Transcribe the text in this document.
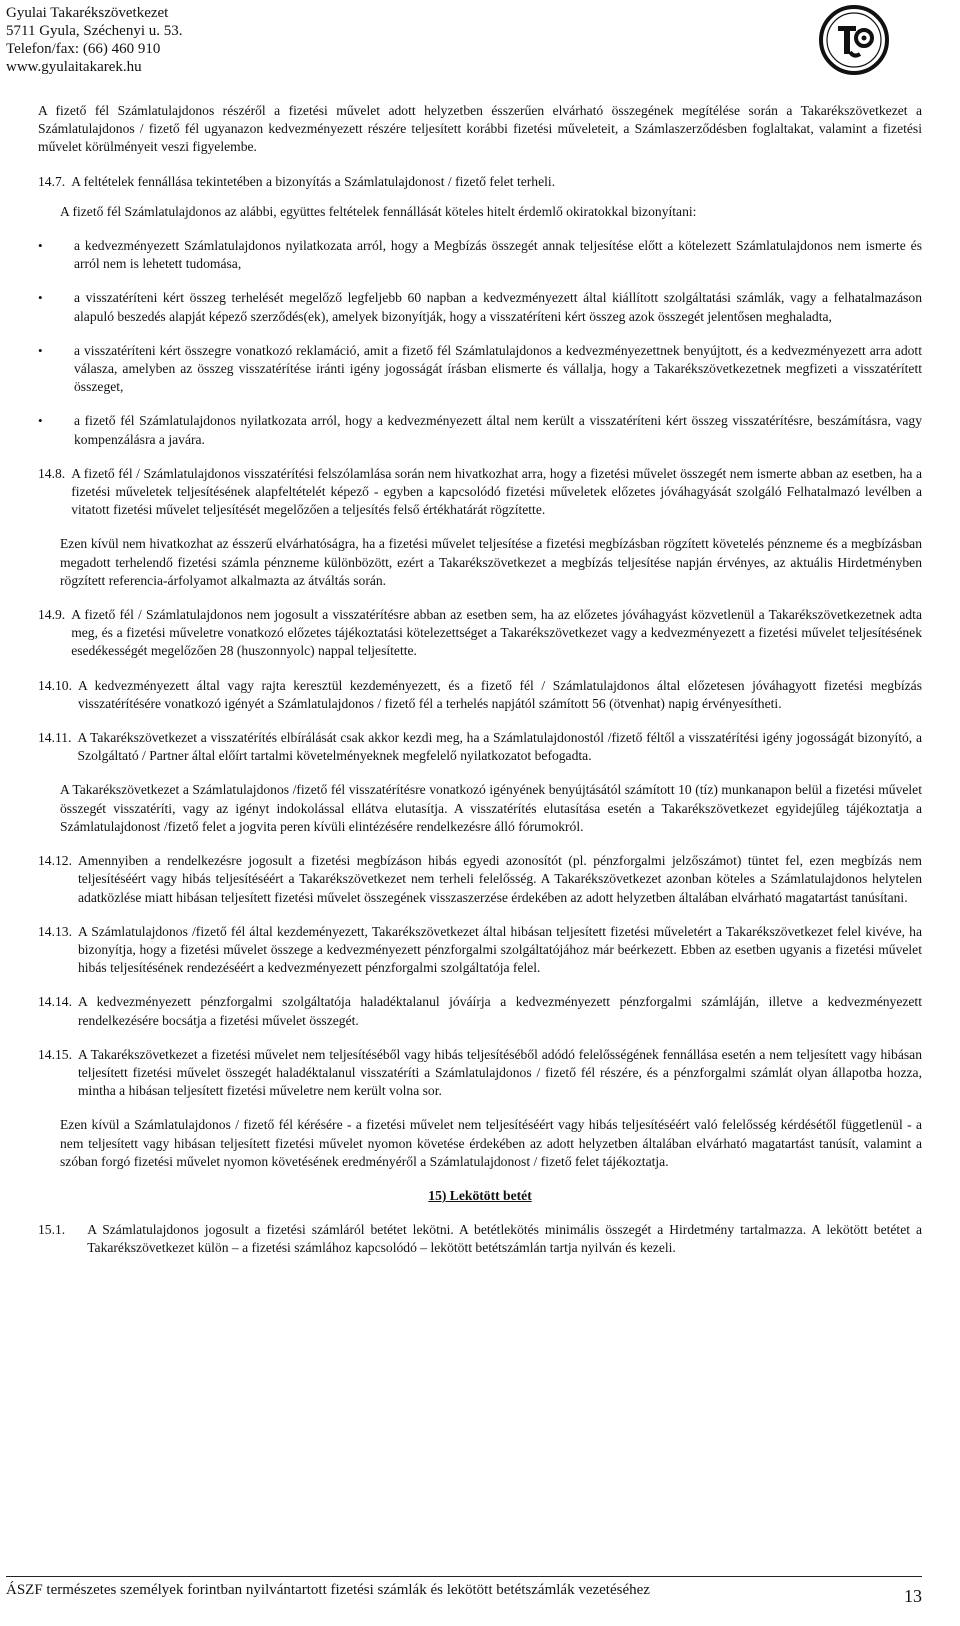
Gyulai Takarékszövetkezet
5711 Gyula, Széchenyi u. 53.
Telefon/fax: (66) 460 910
www.gyulaitakarek.hu

A fizető fél Számlatulajdonos részéről a fizetési művelet adott helyzetben ésszerűen elvárható összegének megítélése során a Takarékszövetkezet a Számlatulajdonos / fizető fél ugyanazon kedvezményezett részére teljesített korábbi fizetési műveleteit, a Számlaszerződésben foglaltakat, valamint a fizetési művelet körülményeit veszi figyelembe.

14.7. A feltételek fennállása tekintetében a bizonyítás a Számlatulajdonost / fizető felet terheli.

A fizető fél Számlatulajdonos az alábbi, együttes feltételek fennállását köteles hitelt érdemlő okiratokkal bizonyítani:

• a kedvezményezett Számlatulajdonos nyilatkozata arról, hogy a Megbízás összegét annak teljesítése előtt a kötelezett Számlatulajdonos nem ismerte és arról nem is lehetett tudomása,
• a visszatéríteni kért összeg terhelését megelőző legfeljebb 60 napban a kedvezményezett által kiállított szolgáltatási számlák, vagy a felhatalmazáson alapuló beszedés alapját képező szerződés(ek), amelyek bizonyítják, hogy a visszatéríteni kért összeg azok összegét jelentősen meghaladta,
• a visszatéríteni kért összegre vonatkozó reklamáció, amit a fizető fél Számlatulajdonos a kedvezményezettnek benyújtott, és a kedvezményezett arra adott válasza, amelyben az összeg visszatérítése iránti igény jogosságát írásban elismerte és vállalja, hogy a Takarékszövetkezetnek megfizeti a visszatérített összeget,
• a fizető fél Számlatulajdonos nyilatkozata arról, hogy a kedvezményezett által nem került a visszatéríteni kért összeg visszatérítésre, beszámításra, vagy kompenzálásra a javára.
14.8. A fizető fél / Számlatulajdonos visszatérítési felszólamlása során nem hivatkozhat arra, hogy a fizetési művelet összegét nem ismerte abban az esetben, ha a fizetési műveletek teljesítésének alapfeltételét képező - egyben a kapcsolódó fizetési műveletek előzetes jóváhagyását szolgáló Felhatalmazó levélben a vitatott fizetési művelet teljesítését megelőzően a teljesítés felső értékhatárát rögzítette.

Ezen kívül nem hivatkozhat az ésszerű elvárhatóságra, ha a fizetési művelet teljesítése a fizetési megbízásban rögzített követelés pénzneme és a megbízásban megadott terhelendő fizetési számla pénzneme különbözött, ezért a Takarékszövetkezet a megbízás teljesítése napján érvényes, az aktuális Hirdetményben rögzített referencia-árfolyamot alkalmazta az átváltás során.

14.9. A fizető fél / Számlatulajdonos nem jogosult a visszatérítésre abban az esetben sem, ha az előzetes jóváhagyást közvetlenül a Takarékszövetkezetnek adta meg, és a fizetési műveletre vonatkozó előzetes tájékoztatási kötelezettséget a Takarékszövetkezet vagy a kedvezményezett a fizetési művelet teljesítésének esedékességét megelőzően 28 (huszonnyolc) nappal teljesítette.
14.10. A kedvezményezett által vagy rajta keresztül kezdeményezett, és a fizető fél / Számlatulajdonos által előzetesen jóváhagyott fizetési megbízás visszatérítésére vonatkozó igényét a Számlatulajdonos / fizető fél a terhelés napjától számított 56 (ötvenhat) napig érvényesítheti.
14.11. A Takarékszövetkezet a visszatérítés elbírálását csak akkor kezdi meg, ha a Számlatulajdonostól /fizető féltől a visszatérítési igény jogosságát bizonyító, a Szolgáltató / Partner által előírt tartalmi követelményeknek megfelelő nyilatkozatot befogadta.

A Takarékszövetkezet a Számlatulajdonos /fizető fél visszatérítésre vonatkozó igényének benyújtásától számított 10 (tíz) munkanapon belül a fizetési művelet összegét visszatéríti, vagy az igényt indokolással ellátva elutasítja. A visszatérítés elutasítása esetén a Takarékszövetkezet egyidejűleg tájékoztatja a Számlatulajdonost /fizető felet a jogvita peren kívüli elintézésére rendelkezésre álló fórumokról.

14.12. Amennyiben a rendelkezésre jogosult a fizetési megbízáson hibás egyedi azonosítót (pl. pénzforgalmi jelzőszámot) tüntet fel, ezen megbízás nem teljesítéséért vagy hibás teljesítéséért a Takarékszövetkezet nem terheli felelősség. A Takarékszövetkezet azonban köteles a Számlatulajdonos helytelen adatközlése miatt hibásan teljesített fizetési művelet összegének visszaszerzése érdekében az adott helyzetben általában elvárható magatartást tanúsítani.
14.13. A Számlatulajdonos /fizető fél által kezdeményezett, Takarékszövetkezet által hibásan teljesített fizetési műveletért a Takarékszövetkezet felel kivéve, ha bizonyítja, hogy a fizetési művelet összege a kedvezményezett pénzforgalmi szolgáltatójához már beérkezett. Ebben az esetben ugyanis a fizetési művelet hibás teljesítésének rendezéséért a kedvezményezett pénzforgalmi szolgáltatója felel.
14.14. A kedvezményezett pénzforgalmi szolgáltatója haladéktalanul jóváírja a kedvezményezett pénzforgalmi számláján, illetve a kedvezményezett rendelkezésére bocsátja a fizetési művelet összegét.
14.15. A Takarékszövetkezet a fizetési művelet nem teljesítéséből vagy hibás teljesítéséből adódó felelősségének fennállása esetén a nem teljesített vagy hibásan teljesített fizetési művelet összegét haladéktalanul visszatéríti a Számlatulajdonos / fizető fél részére, és a pénzforgalmi számlát olyan állapotba hozza, mintha a hibásan teljesített fizetési műveletre nem került volna sor.

Ezen kívül a Számlatulajdonos / fizető fél kérésére - a fizetési művelet nem teljesítéséért vagy hibás teljesítéséért való felelősség kérdésétől függetlenül - a nem teljesített vagy hibásan teljesített fizetési művelet nyomon követése érdekében az adott helyzetben általában elvárható magatartást tanúsít, valamint a szóban forgó fizetési művelet nyomon követésének eredményéről a Számlatulajdonost / fizető felet tájékoztatja.

15) Lekötött betét

15.1.	A Számlatulajdonos jogosult a fizetési számláról betétet lekötni. A betétlekötés minimális összegét a Hirdetmény tartalmazza. A lekötött betétet a Takarékszövetkezet külön – a fizetési számlához kapcsolódó – lekötött betétszámlán tartja nyilván és kezeli.
ÁSZF természetes személyek forintban nyilvántartott fizetési számlák és lekötött betétszámlák vezetéséhez	13
